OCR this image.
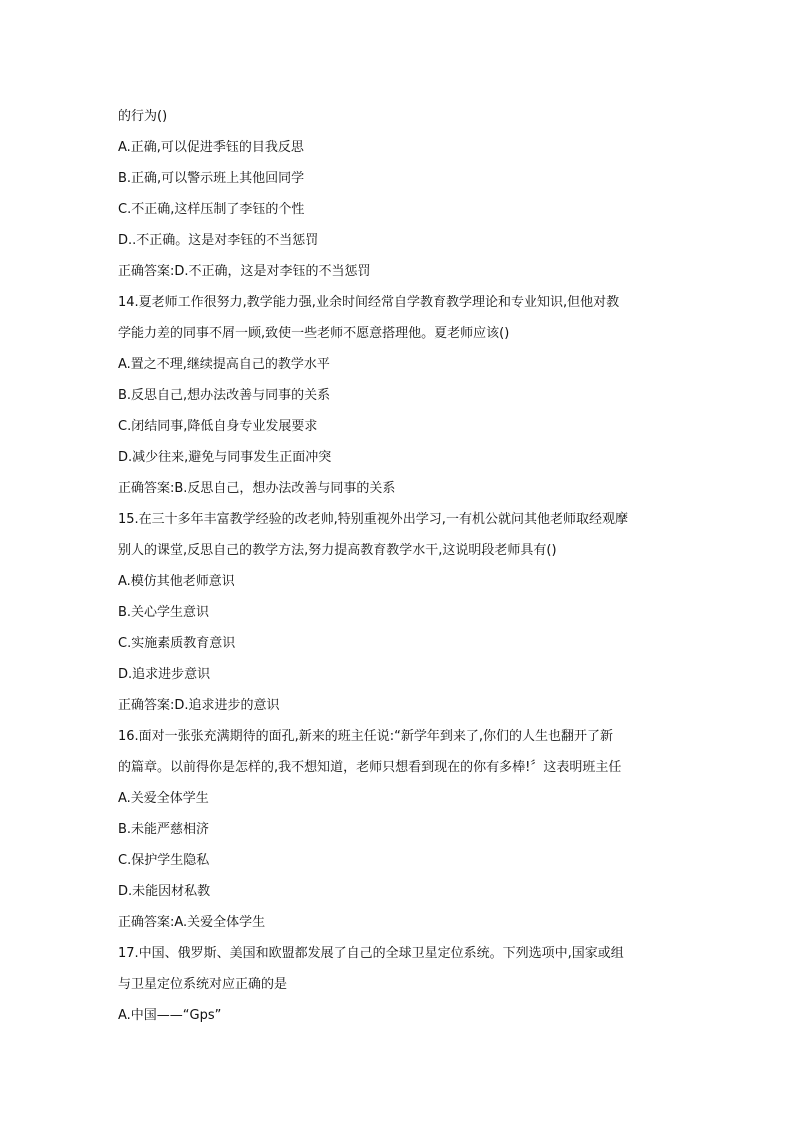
的行为()
A.正确,可以促进季钰的目我反思
B.正确,可以警示班上其他回同学
C.不正确,这样压制了李钰的个性
D..不正确。这是对李钰的不当惩罚
正确答案:D.不正确，这是对李钰的不当惩罚
14.夏老师工作很努力,教学能力强,业余时间经常自学教育教学理论和专业知识,但他对教
学能力差的同事不屑一顾,致使一些老师不愿意搭理他。夏老师应该()
A.置之不理,继续提高自己的教学水平
B.反思自己,想办法改善与同事的关系
C.闭结同事,降低自身专业发展要求
D.减少往来,避免与同事发生正面冲突
正确答案:B.反思自己，想办法改善与同事的关系
15.在三十多年丰富教学经验的改老帅,特别重视外出学习,一有机公就问其他老师取经观摩
别人的课堂,反思自己的教学方法,努力提高教育教学水干,这说明段老师具有()
A.模仿其他老师意识
B.关心学生意识
C.实施素质教育意识
D.追求进步意识
正确答案:D.追求进步的意识
16.面对一张张充满期待的面孔,新来的班主任说:“新学年到来了,你们的人生也翻开了新
的篇章。以前得你是怎样的,我不想知道，老师只想看到现在的你有多棒!〞这表明班主任
A.关爱全体学生
B.未能严慈相济
C.保护学生隐私
D.未能因材私教
正确答案:A.关爱全体学生
17.中国、俄罗斯、美国和欧盟都发展了自己的全球卫星定位系统。下列选项中,国家或组
与卫星定位系统对应正确的是
A.中国——“Gps”
